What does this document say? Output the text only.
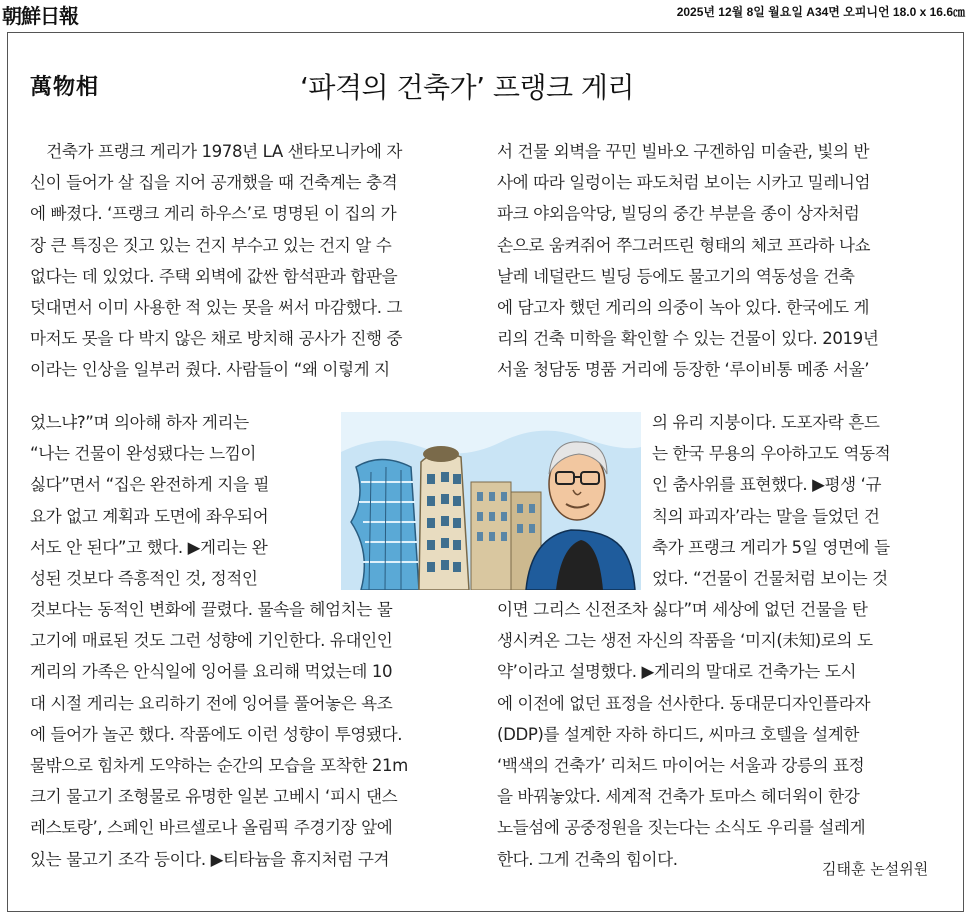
朝鮮日報	2025년 12월 8일 월요일 A34면 오피니언 18.0 x 16.6㎝
萬物相	‘파격의 건축가’ 프랭크 게리
　건축가 프랭크 게리가 1978년 LA 샌타모니카에 자
신이 들어가 살 집을 지어 공개했을 때 건축계는 충격
에 빠졌다. ‘프랭크 게리 하우스’로 명명된 이 집의 가
장 큰 특징은 짓고 있는 건지 부수고 있는 건지 알 수
없다는 데 있었다. 주택 외벽에 값싼 함석판과 합판을
덧대면서 이미 사용한 적 있는 못을 써서 마감했다. 그
마저도 못을 다 박지 않은 채로 방치해 공사가 진행 중
이라는 인상을 일부러 줬다. 사람들이 “왜 이렇게 지
었느냐?”며 의아해 하자 게리는
“나는 건물이 완성됐다는 느낌이
싫다”면서 “집은 완전하게 지을 필
요가 없고 계획과 도면에 좌우되어
서도 안 된다”고 했다. ▶게리는 완
성된 것보다 즉흥적인 것, 정적인
것보다는 동적인 변화에 끌렸다. 물속을 헤엄치는 물
고기에 매료된 것도 그런 성향에 기인한다. 유대인인
게리의 가족은 안식일에 잉어를 요리해 먹었는데 10
대 시절 게리는 요리하기 전에 잉어를 풀어놓은 욕조
에 들어가 놀곤 했다. 작품에도 이런 성향이 투영됐다.
물밖으로 힘차게 도약하는 순간의 모습을 포착한 21m
크기 물고기 조형물로 유명한 일본 고베시 ‘피시 댄스
레스토랑’, 스페인 바르셀로나 올림픽 주경기장 앞에
있는 물고기 조각 등이다. ▶티타늄을 휴지처럼 구겨
서 건물 외벽을 꾸민 빌바오 구겐하임 미술관, 빛의 반
사에 따라 일렁이는 파도처럼 보이는 시카고 밀레니엄
파크 야외음악당, 빌딩의 중간 부분을 종이 상자처럼
손으로 움켜쥐어 쭈그러뜨린 형태의 체코 프라하 나쇼
날레 네덜란드 빌딩 등에도 물고기의 역동성을 건축
에 담고자 했던 게리의 의중이 녹아 있다. 한국에도 게
리의 건축 미학을 확인할 수 있는 건물이 있다. 2019년
서울 청담동 명품 거리에 등장한 ‘루이비통 메종 서울’
의 유리 지붕이다. 도포자락 흔드
는 한국 무용의 우아하고도 역동적
인 춤사위를 표현했다. ▶평생 ‘규
칙의 파괴자’라는 말을 들었던 건
축가 프랭크 게리가 5일 영면에 들
었다. “건물이 건물처럼 보이는 것
이면 그리스 신전조차 싫다”며 세상에 없던 건물을 탄
생시켜온 그는 생전 자신의 작품을 ‘미지(未知)로의 도
약’이라고 설명했다. ▶게리의 말대로 건축가는 도시
에 이전에 없던 표정을 선사한다. 동대문디자인플라자
(DDP)를 설계한 자하 하디드, 씨마크 호텔을 설계한
‘백색의 건축가’ 리처드 마이어는 서울과 강릉의 표정
을 바꿔놓았다. 세계적 건축가 토마스 헤더윅이 한강
노들섬에 공중정원을 짓는다는 소식도 우리를 설레게
한다. 그게 건축의 힘이다.
김태훈 논설위원
